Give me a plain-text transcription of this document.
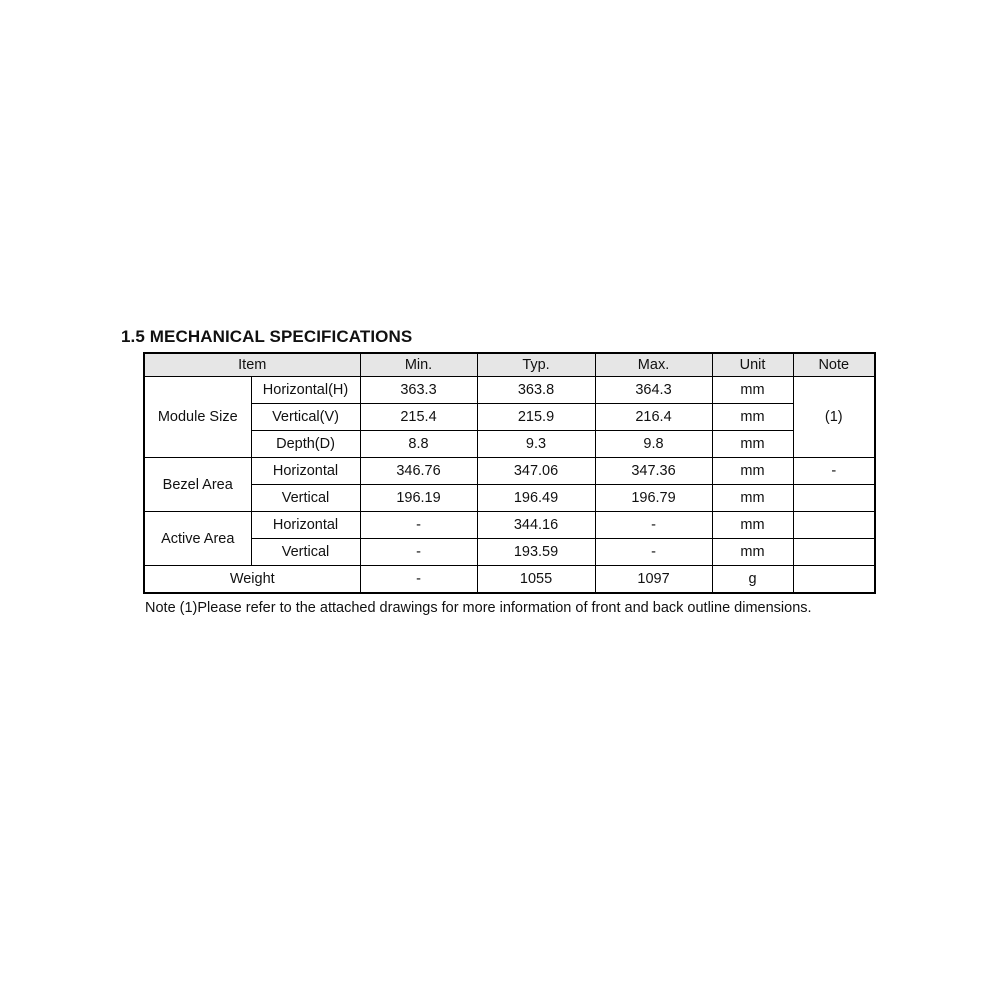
1.5 MECHANICAL SPECIFICATIONS
Item		Min.	Typ.	Max.	Unit	Note
Module Size	Horizontal(H)	363.3	363.8	364.3	mm	(1)
	Vertical(V)	215.4	215.9	216.4	mm	
	Depth(D)	8.8	9.3	9.8	mm	
Bezel Area	Horizontal	346.76	347.06	347.36	mm	-
	Vertical	196.19	196.49	196.79	mm	
Active Area	Horizontal	-	344.16	-	mm	
	Vertical	-	193.59	-	mm	
Weight		-	1055	1097	g	
Note (1)Please refer to the attached drawings for more information of front and back outline dimensions.
